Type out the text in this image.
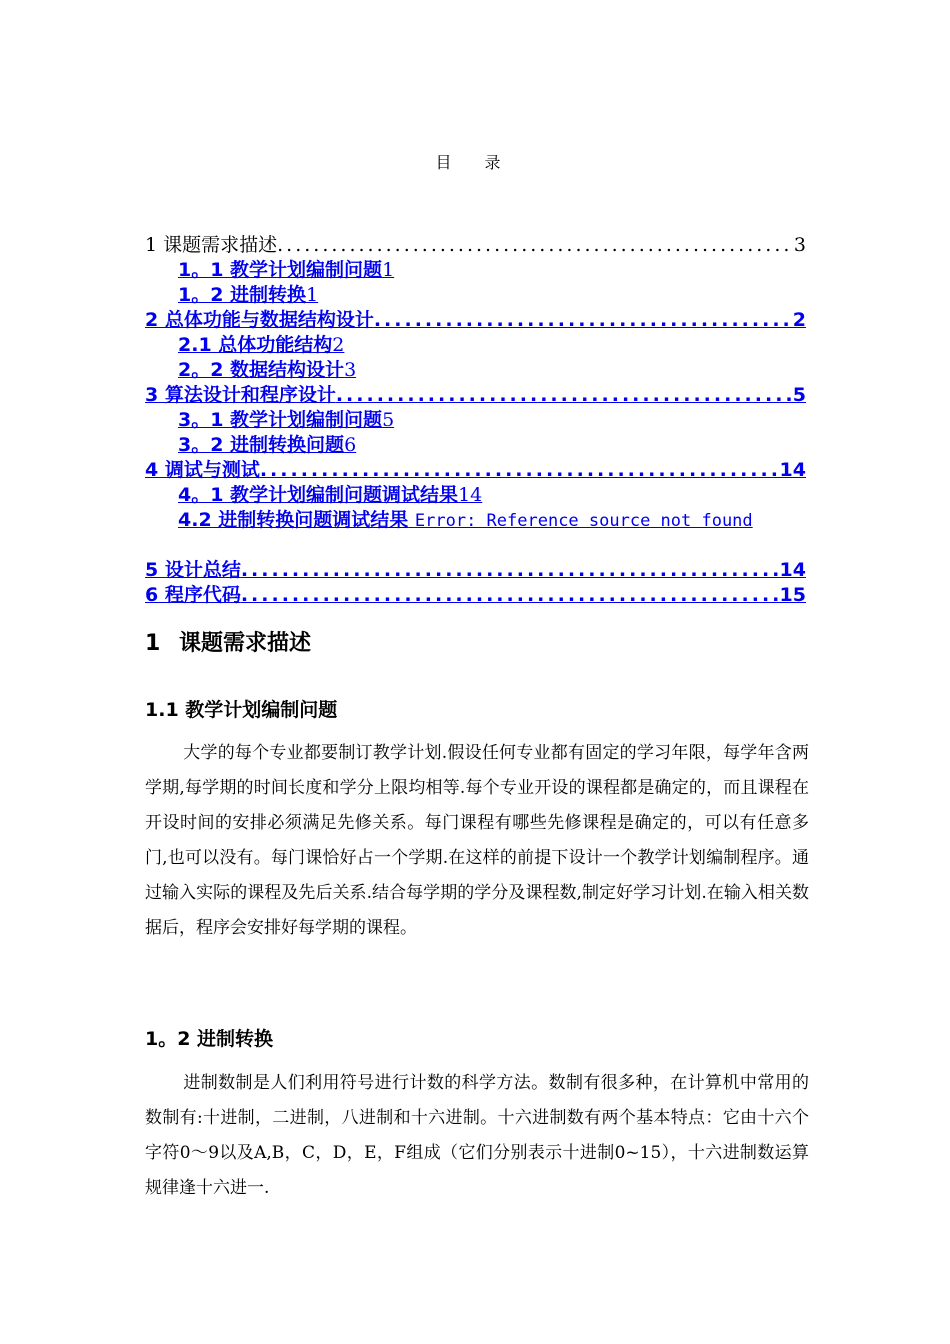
目 录
1 课题需求描述 .....	3
1。1 教学计划编制问题 1
1。2 进制转换 1
2 总体功能与数据结构设计 .....	2
2.1 总体功能结构 2
2。2 数据结构设计 3
3 算法设计和程序设计 .....	5
3。1 教学计划编制问题 5
3。2 进制转换问题 6
4 调试与测试 .....	14
4。1 教学计划编制问题调试结果 14
4.2 进制转换问题调试结果 Error: Reference source not found
5 设计总结 .....	14
6 程序代码 .....	15
1 课题需求描述
1.1 教学计划编制问题
大学的每个专业都要制订教学计划.假设任何专业都有固定的学习年限，每学年含两学期,每学期的时间长度和学分上限均相等.每个专业开设的课程都是确定的，而且课程在开设时间的安排必须满足先修关系。每门课程有哪些先修课程是确定的，可以有任意多门,也可以没有。每门课恰好占一个学期.在这样的前提下设计一个教学计划编制程序。通过输入实际的课程及先后关系.结合每学期的学分及课程数,制定好学习计划.在输入相关数据后，程序会安排好每学期的课程。
1。2 进制转换
进制数制是人们利用符号进行计数的科学方法。数制有很多种，在计算机中常用的数制有:十进制，二进制，八进制和十六进制。十六进制数有两个基本特点：它由十六个字符0～9以及A,B，C，D，E，F组成（它们分别表示十进制0~15），十六进制数运算规律逢十六进一.
